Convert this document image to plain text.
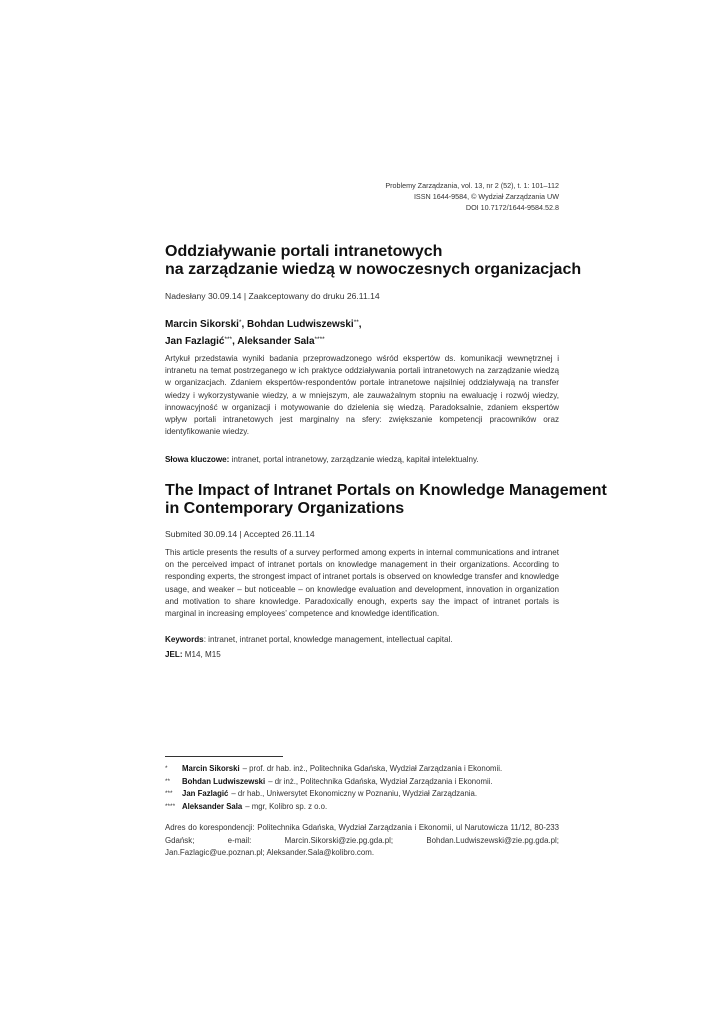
Problemy Zarządzania, vol. 13, nr 2 (52), t. 1: 101–112
ISSN 1644-9584, © Wydział Zarządzania UW
DOI 10.7172/1644-9584.52.8
Oddziaływanie portali intranetowych
na zarządzanie wiedzą w nowoczesnych organizacjach
Nadesłany 30.09.14 | Zaakceptowany do druku 26.11.14
Marcin Sikorski*, Bohdan Ludwiszewski**,
Jan Fazlagić***, Aleksander Sala****

Artykuł przedstawia wyniki badania przeprowadzonego wśród ekspertów ds. komunikacji wewnętrznej i intranetu na temat postrzeganego w ich praktyce oddziaływania portali intranetowych na zarządzanie wiedzą w organizacjach. Zdaniem ekspertów-respondentów portale intranetowe najsilniej oddziaływają na transfer wiedzy i wykorzystywanie wiedzy, a w mniejszym, ale zauważalnym stopniu na ewaluację i rozwój wiedzy, innowacyjność w organizacji i motywowanie do dzielenia się wiedzą. Paradoksalnie, zdaniem ekspertów wpływ portali intranetowych jest marginalny na sfery: zwiększanie kompetencji pracowników oraz identyfikowanie wiedzy.

Słowa kluczowe: intranet, portal intranetowy, zarządzanie wiedzą, kapitał intelektualny.
The Impact of Intranet Portals on Knowledge Management
in Contemporary Organizations
Submited 30.09.14 | Accepted 26.11.14

This article presents the results of a survey performed among experts in internal communications and intranet on the perceived impact of intranet portals on knowledge management in their organizations. According to responding experts, the strongest impact of intranet portals is observed on knowledge transfer and knowledge usage, and weaker – but noticeable – on knowledge evaluation and development, innovation in organization and motivation to share knowledge. Paradoxically enough, experts say the impact of intranet portals is marginal in increasing employees’ competence and knowledge identification.

Keywords: intranet, intranet portal, knowledge management, intellectual capital.
JEL: M14, M15
*	Marcin Sikorski – prof. dr hab. inż., Politechnika Gdańska, Wydział Zarządzania i Ekonomii.
**	Bohdan Ludwiszewski – dr inż., Politechnika Gdańska, Wydział Zarządzania i Ekonomii.
***	Jan Fazlagić – dr hab., Uniwersytet Ekonomiczny w Poznaniu, Wydział Zarządzania.
**** Aleksander Sala – mgr, Kolibro sp. z o.o.

Adres do korespondencji: Politechnika Gdańska, Wydział Zarządzania i Ekonomii, ul Narutowicza 11/12, 80-233 Gdańsk; e-mail: Marcin.Sikorski@zie.pg.gda.pl; Bohdan.Ludwiszewski@zie.pg.gda.pl; Jan.Fazlagic@ue.poznan.pl; Aleksander.Sala@kolibro.com.
